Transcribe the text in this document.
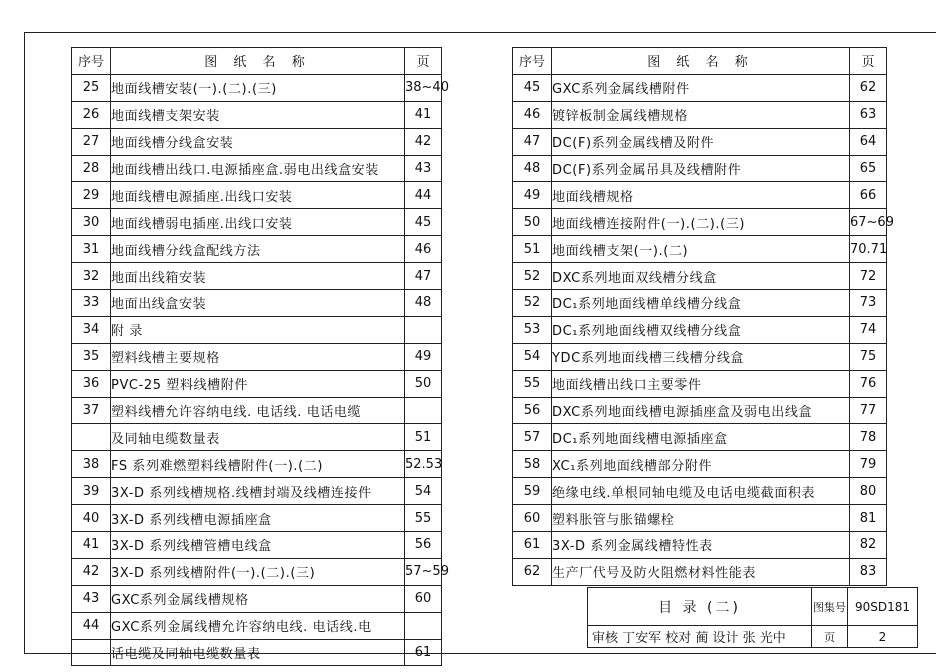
序号	图 纸 名 称	页
25	地面线槽安装(一).(二).(三)	38~40
26	地面线槽支架安装	41
27	地面线槽分线盒安装	42
28	地面线槽出线口.电源插座盒.弱电出线盒安装	43
29	地面线槽电源插座.出线口安装	44
30	地面线槽弱电插座.出线口安装	45
31	地面线槽分线盒配线方法	46
32	地面出线箱安装	47
33	地面出线盒安装	48
34	附 录	
35	塑料线槽主要规格	49
36	PVC-25 塑料线槽附件	50
37	塑料线槽允许容纳电线. 电话线. 电话电缆	
	及同轴电缆数量表	51
38	FS 系列难燃塑料线槽附件(一).(二)	52.53
39	3X-D 系列线槽规格.线槽封端及线槽连接件	54
40	3X-D 系列线槽电源插座盒	55
41	3X-D 系列线槽管槽电线盒	56
42	3X-D 系列线槽附件(一).(二).(三)	57~59
43	GXC系列金属线槽规格	60
44	GXC系列金属线槽允许容纳电线. 电话线.电	
	话电缆及同轴电缆数量表	61
序号	图 纸 名 称	页
45	GXC系列金属线槽附件	62
46	镀锌板制金属线槽规格	63
47	DC(F)系列金属线槽及附件	64
48	DC(F)系列金属吊具及线槽附件	65
49	地面线槽规格	66
50	地面线槽连接附件(一).(二).(三)	67~69
51	地面线槽支架(一).(二)	70.71
52	DXC系列地面双线槽分线盒	72
52	DC₁系列地面线槽单线槽分线盒	73
53	DC₁系列地面线槽双线槽分线盒	74
54	YDC系列地面线槽三线槽分线盒	75
55	地面线槽出线口主要零件	76
56	DXC系列地面线槽电源插座盒及弱电出线盒	77
57	DC₁系列地面线槽电源插座盒	78
58	XC₁系列地面线槽部分附件	79
59	绝缘电线.单根同轴电缆及电话电缆截面积表	80
60	塑料胀管与胀锚螺栓	81
61	3X-D 系列金属线槽特性表	82
62	生产厂代号及防火阻燃材料性能表	83
目 录 (二)	图集号	90SD181
审核 丁安军 校对 蔺 设计 张 光中	页	2
